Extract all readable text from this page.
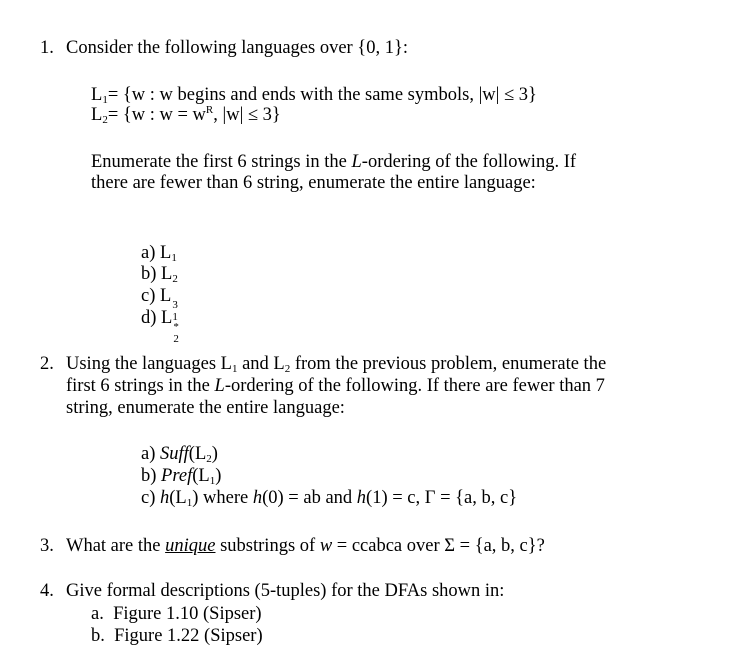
1. Consider the following languages over {0, 1}:
$L_1= \{w$ : w begins and ends with the same symbols, |w| ≤ 3}
$L_2= \{w$ : $w = w^R$, |w| ≤ 3}
Enumerate the first 6 strings in the L-ordering of the following. If
there are fewer than 6 string, enumerate the entire language:
a) $L_1$
b) $L_2$
c) L 3
1
d) L *
2
2. Using the languages $L_1$ and $L_2$ from the previous problem, enumerate the
first 6 strings in the L-ordering of the following. If there are fewer than 7
string, enumerate the entire language:
a) $Suff(L_2)$
b) $Pref(L_1)$
c) $h(L_1)$ where h(0) = ab and h(1) = c, Γ = {a, b, c}
3. What are the unique substrings of w = ccabca over Σ = {a, b, c}?
4. Give formal descriptions (5-tuples) for the DFAs shown in:
a. Figure 1.10 (Sipser)
b. Figure 1.22 (Sipser)
